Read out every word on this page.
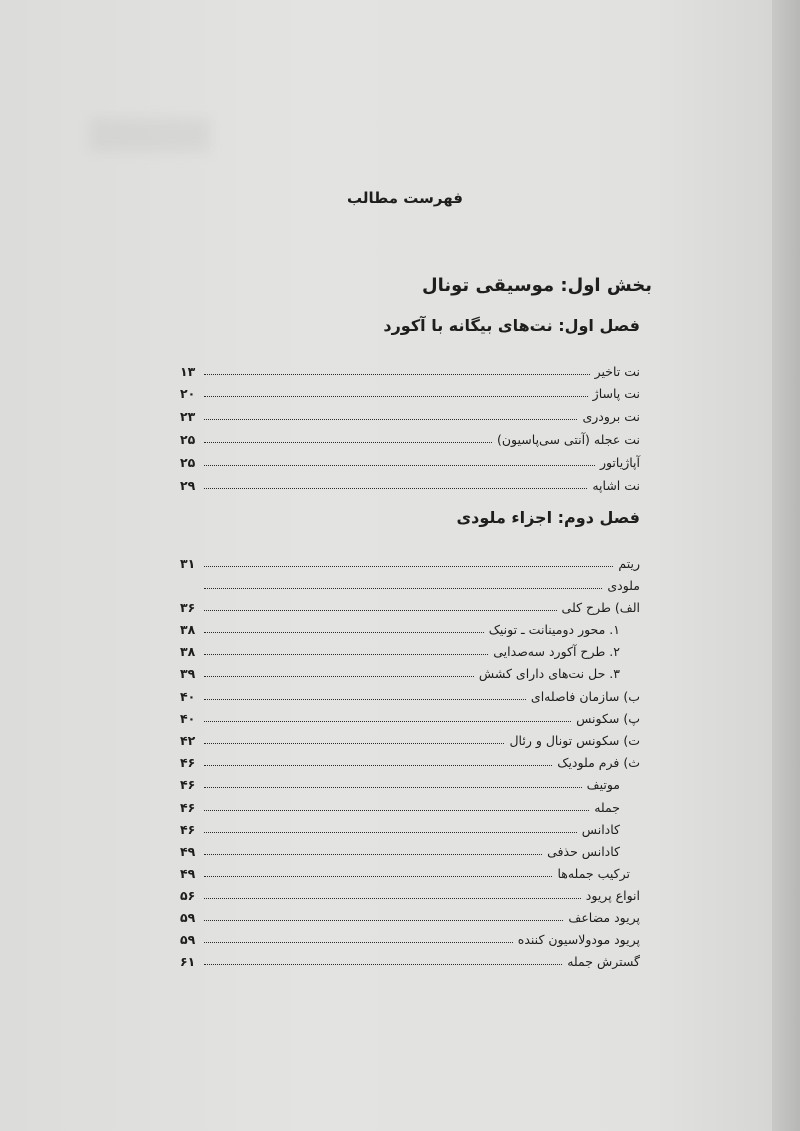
فهرست مطالب
بخش اول: موسیقی تونال
فصل اول: نت‌های بیگانه با آکورد
فصل دوم: اجزاء ملودی
نت تاخیر
۱۳
نت پاساژ
۲۰
نت برودری
۲۳
نت عجله (آنتی سی‌پاسیون)
۲۵
آپاژیاتور
۲۵
نت اشاپه
۲۹
ریتم
۳۱
ملودی
الف) طرح کلی
۳۶
۱. محور دومینانت ـ تونیک
۳۸
۲. طرح آکورد سه‌صدایی
۳۸
۳. حل نت‌های دارای کشش
۳۹
ب) سازمان فاصله‌ای
۴۰
پ) سکونس
۴۰
ت) سکونس تونال و رئال
۴۲
ث) فرم ملودیک
۴۶
موتیف
۴۶
جمله
۴۶
کادانس
۴۶
کادانس حذفی
۴۹
ترکیب جمله‌ها
۴۹
انواع پریود
۵۶
پریود مضاعف
۵۹
پریود مودولاسیون کننده
۵۹
گسترش جمله
۶۱
